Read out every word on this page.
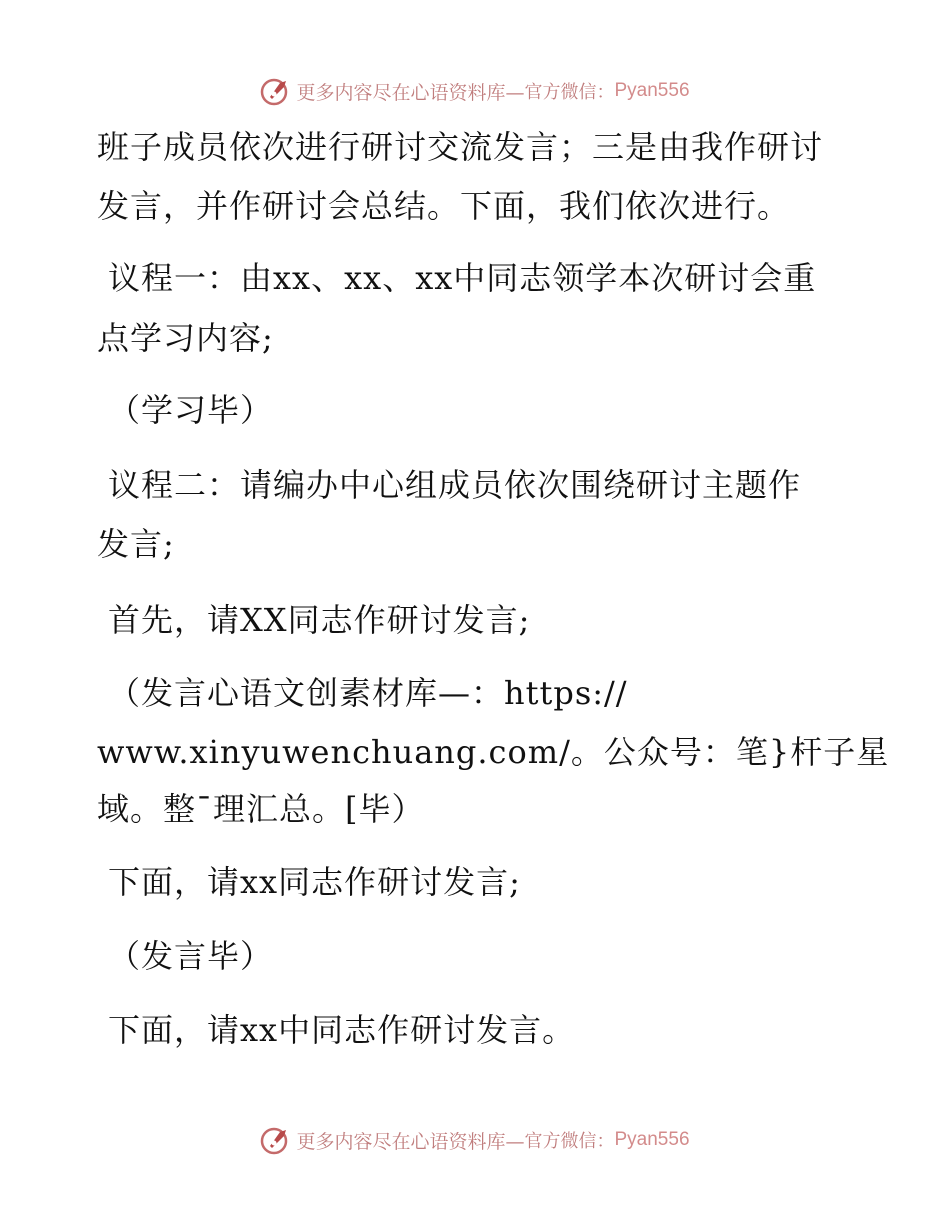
更多内容尽在心语资料库— 官方微信： Pyan556
班子成员依次进行研讨交流发言；三是由我作研讨
发言，并作研讨会总结。下面，我们依次进行。
议程一：由xx、xx、xx中同志领学本次研讨会重
点学习内容;
（学习毕）
议程二：请编办中心组成员依次围绕研讨主题作
发言;
首先，请XX同志作研讨发言;
（发言心语文创素材库—：https://
www.xinyuwenchuang.com/。公众号：笔}杆子星
域。整¯理汇总。[毕）
下面，请xx同志作研讨发言;
（发言毕）
下面，请xx中同志作研讨发言。
更多内容尽在心语资料库— 官方微信： Pyan556
